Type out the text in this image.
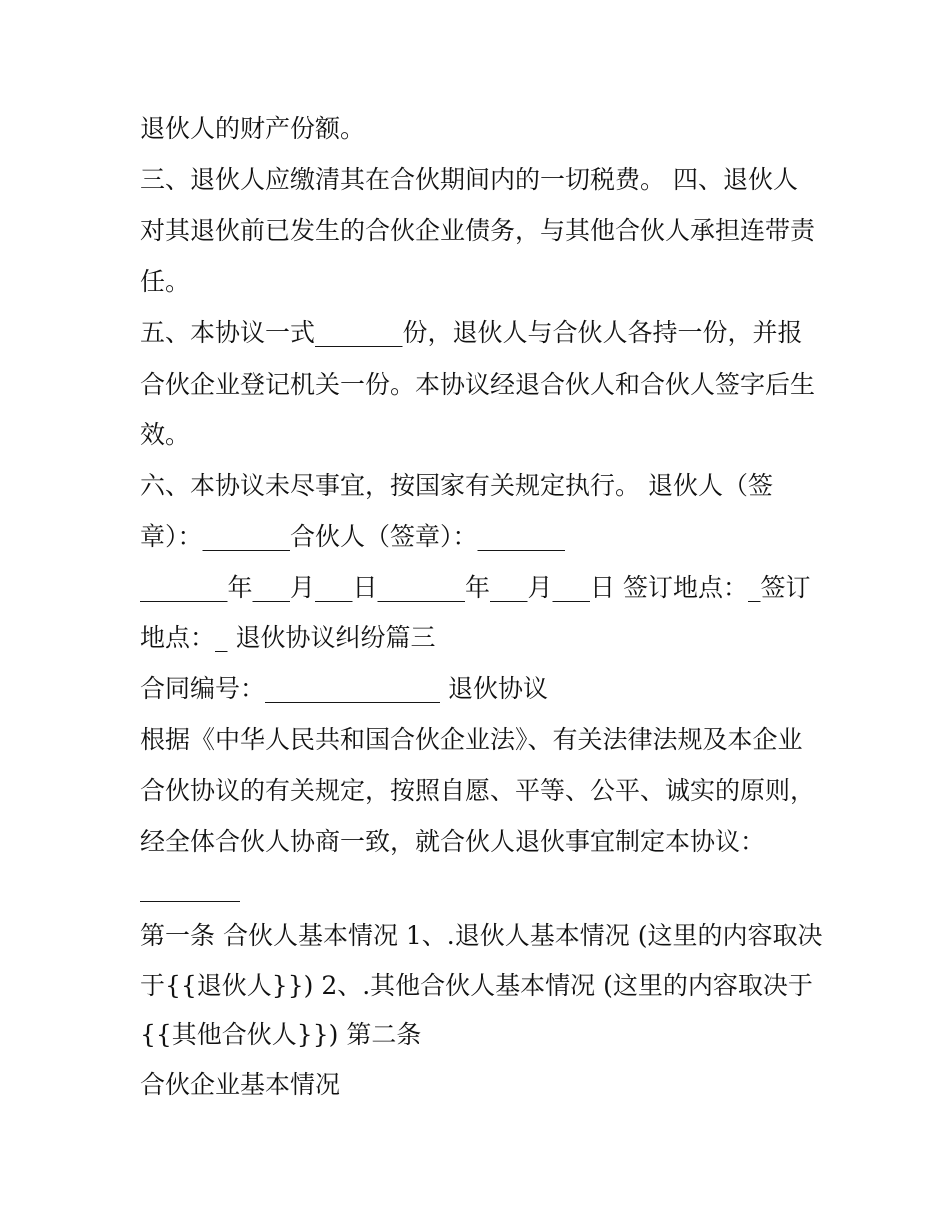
退伙人的财产份额。
三、退伙人应缴清其在合伙期间内的一切税费。 四、退伙人
对其退伙前已发生的合伙企业债务，与其他合伙人承担连带责
任。
五、本协议一式_______份，退伙人与合伙人各持一份，并报
合伙企业登记机关一份。本协议经退合伙人和合伙人签字后生
效。
六、本协议未尽事宜，按国家有关规定执行。 退伙人（签
章）：_______合伙人（签章）：_______
_______年___月___日_______年___月___日 签订地点：_签订
地点：_ 退伙协议纠纷篇三
合同编号：______________ 退伙协议
根据《中华人民共和国合伙企业法》、有关法律法规及本企业
合伙协议的有关规定，按照自愿、平等、公平、诚实的原则，
经全体合伙人协商一致，就合伙人退伙事宜制定本协议：
________
第一条 合伙人基本情况 1、.退伙人基本情况 (这里的内容取决
于{{退伙人}}) 2、.其他合伙人基本情况 (这里的内容取决于
{{其他合伙人}}) 第二条
合伙企业基本情况
